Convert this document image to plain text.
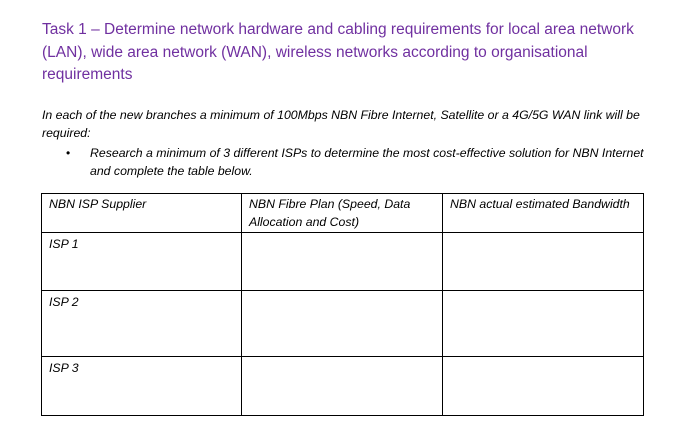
Task 1 – Determine network hardware and cabling requirements for local area network (LAN), wide area network (WAN), wireless networks according to organisational requirements

In each of the new branches a minimum of 100Mbps NBN Fibre Internet, Satellite or a 4G/5G WAN link will be required:

• Research a minimum of 3 different ISPs to determine the most cost-effective solution for NBN Internet and complete the table below.
NBN ISP Supplier	NBN Fibre Plan (Speed, Data Allocation and Cost)	NBN actual estimated Bandwidth
ISP 1		
ISP 2		
ISP 3		
